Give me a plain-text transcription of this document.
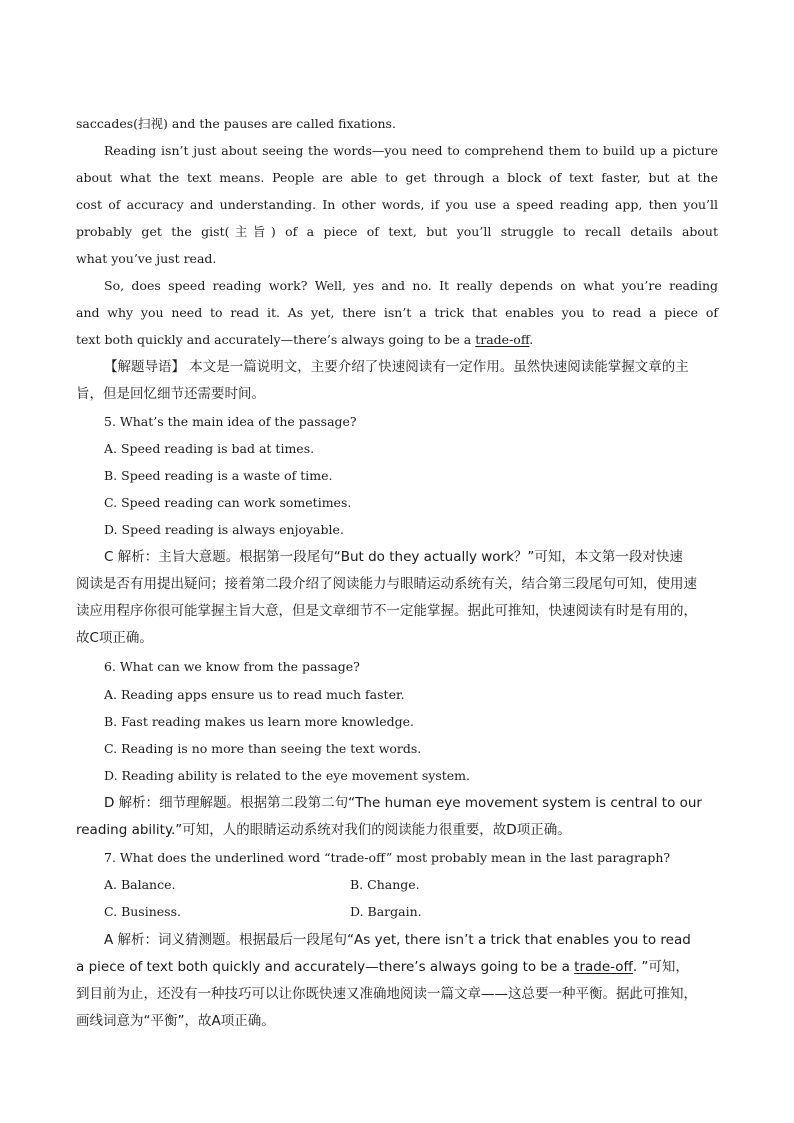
saccades(扫视) and the pauses are called fixations.
Reading isn’t just about seeing the words—you need to comprehend them to build up a picture
about what the text means. People are able to get through a block of text faster, but at the
cost of accuracy and understanding. In other words, if you use a speed reading app, then you’ll
probably get the gist(主旨) of a piece of text, but you’ll struggle to recall details about
what you’ve just read.
So, does speed reading work? Well, yes and no. It really depends on what you’re reading
and why you need to read it. As yet, there isn’t a trick that enables you to read a piece of
text both quickly and accurately—there’s always going to be a trade-off.
【解题导语】 本文是一篇说明文，主要介绍了快速阅读有一定作用。虽然快速阅读能掌握文章的主
旨，但是回忆细节还需要时间。
5. What’s the main idea of the passage?
A. Speed reading is bad at times.
B. Speed reading is a waste of time.
C. Speed reading can work sometimes.
D. Speed reading is always enjoyable.
C 解析：主旨大意题。根据第一段尾句“But do they actually work？”可知，本文第一段对快速
阅读是否有用提出疑问；接着第二段介绍了阅读能力与眼睛运动系统有关，结合第三段尾句可知，使用速
读应用程序你很可能掌握主旨大意，但是文章细节不一定能掌握。据此可推知，快速阅读有时是有用的，
故C项正确。
6. What can we know from the passage?
A. Reading apps ensure us to read much faster.
B. Fast reading makes us learn more knowledge.
C. Reading is no more than seeing the text words.
D. Reading ability is related to the eye movement system.
D 解析：细节理解题。根据第二段第二句“The human eye movement system is central to our
reading ability.”可知，人的眼睛运动系统对我们的阅读能力很重要，故D项正确。
7. What does the underlined word “trade-off” most probably mean in the last paragraph?
A. Balance.	B. Change.
C. Business.	D. Bargain.
A 解析：词义猜测题。根据最后一段尾句“As yet, there isn’t a trick that enables you to read
a piece of text both quickly and accurately—there’s always going to be a trade-off. ”可知，
到目前为止，还没有一种技巧可以让你既快速又准确地阅读一篇文章——这总要一种平衡。据此可推知，
画线词意为“平衡”，故A项正确。
